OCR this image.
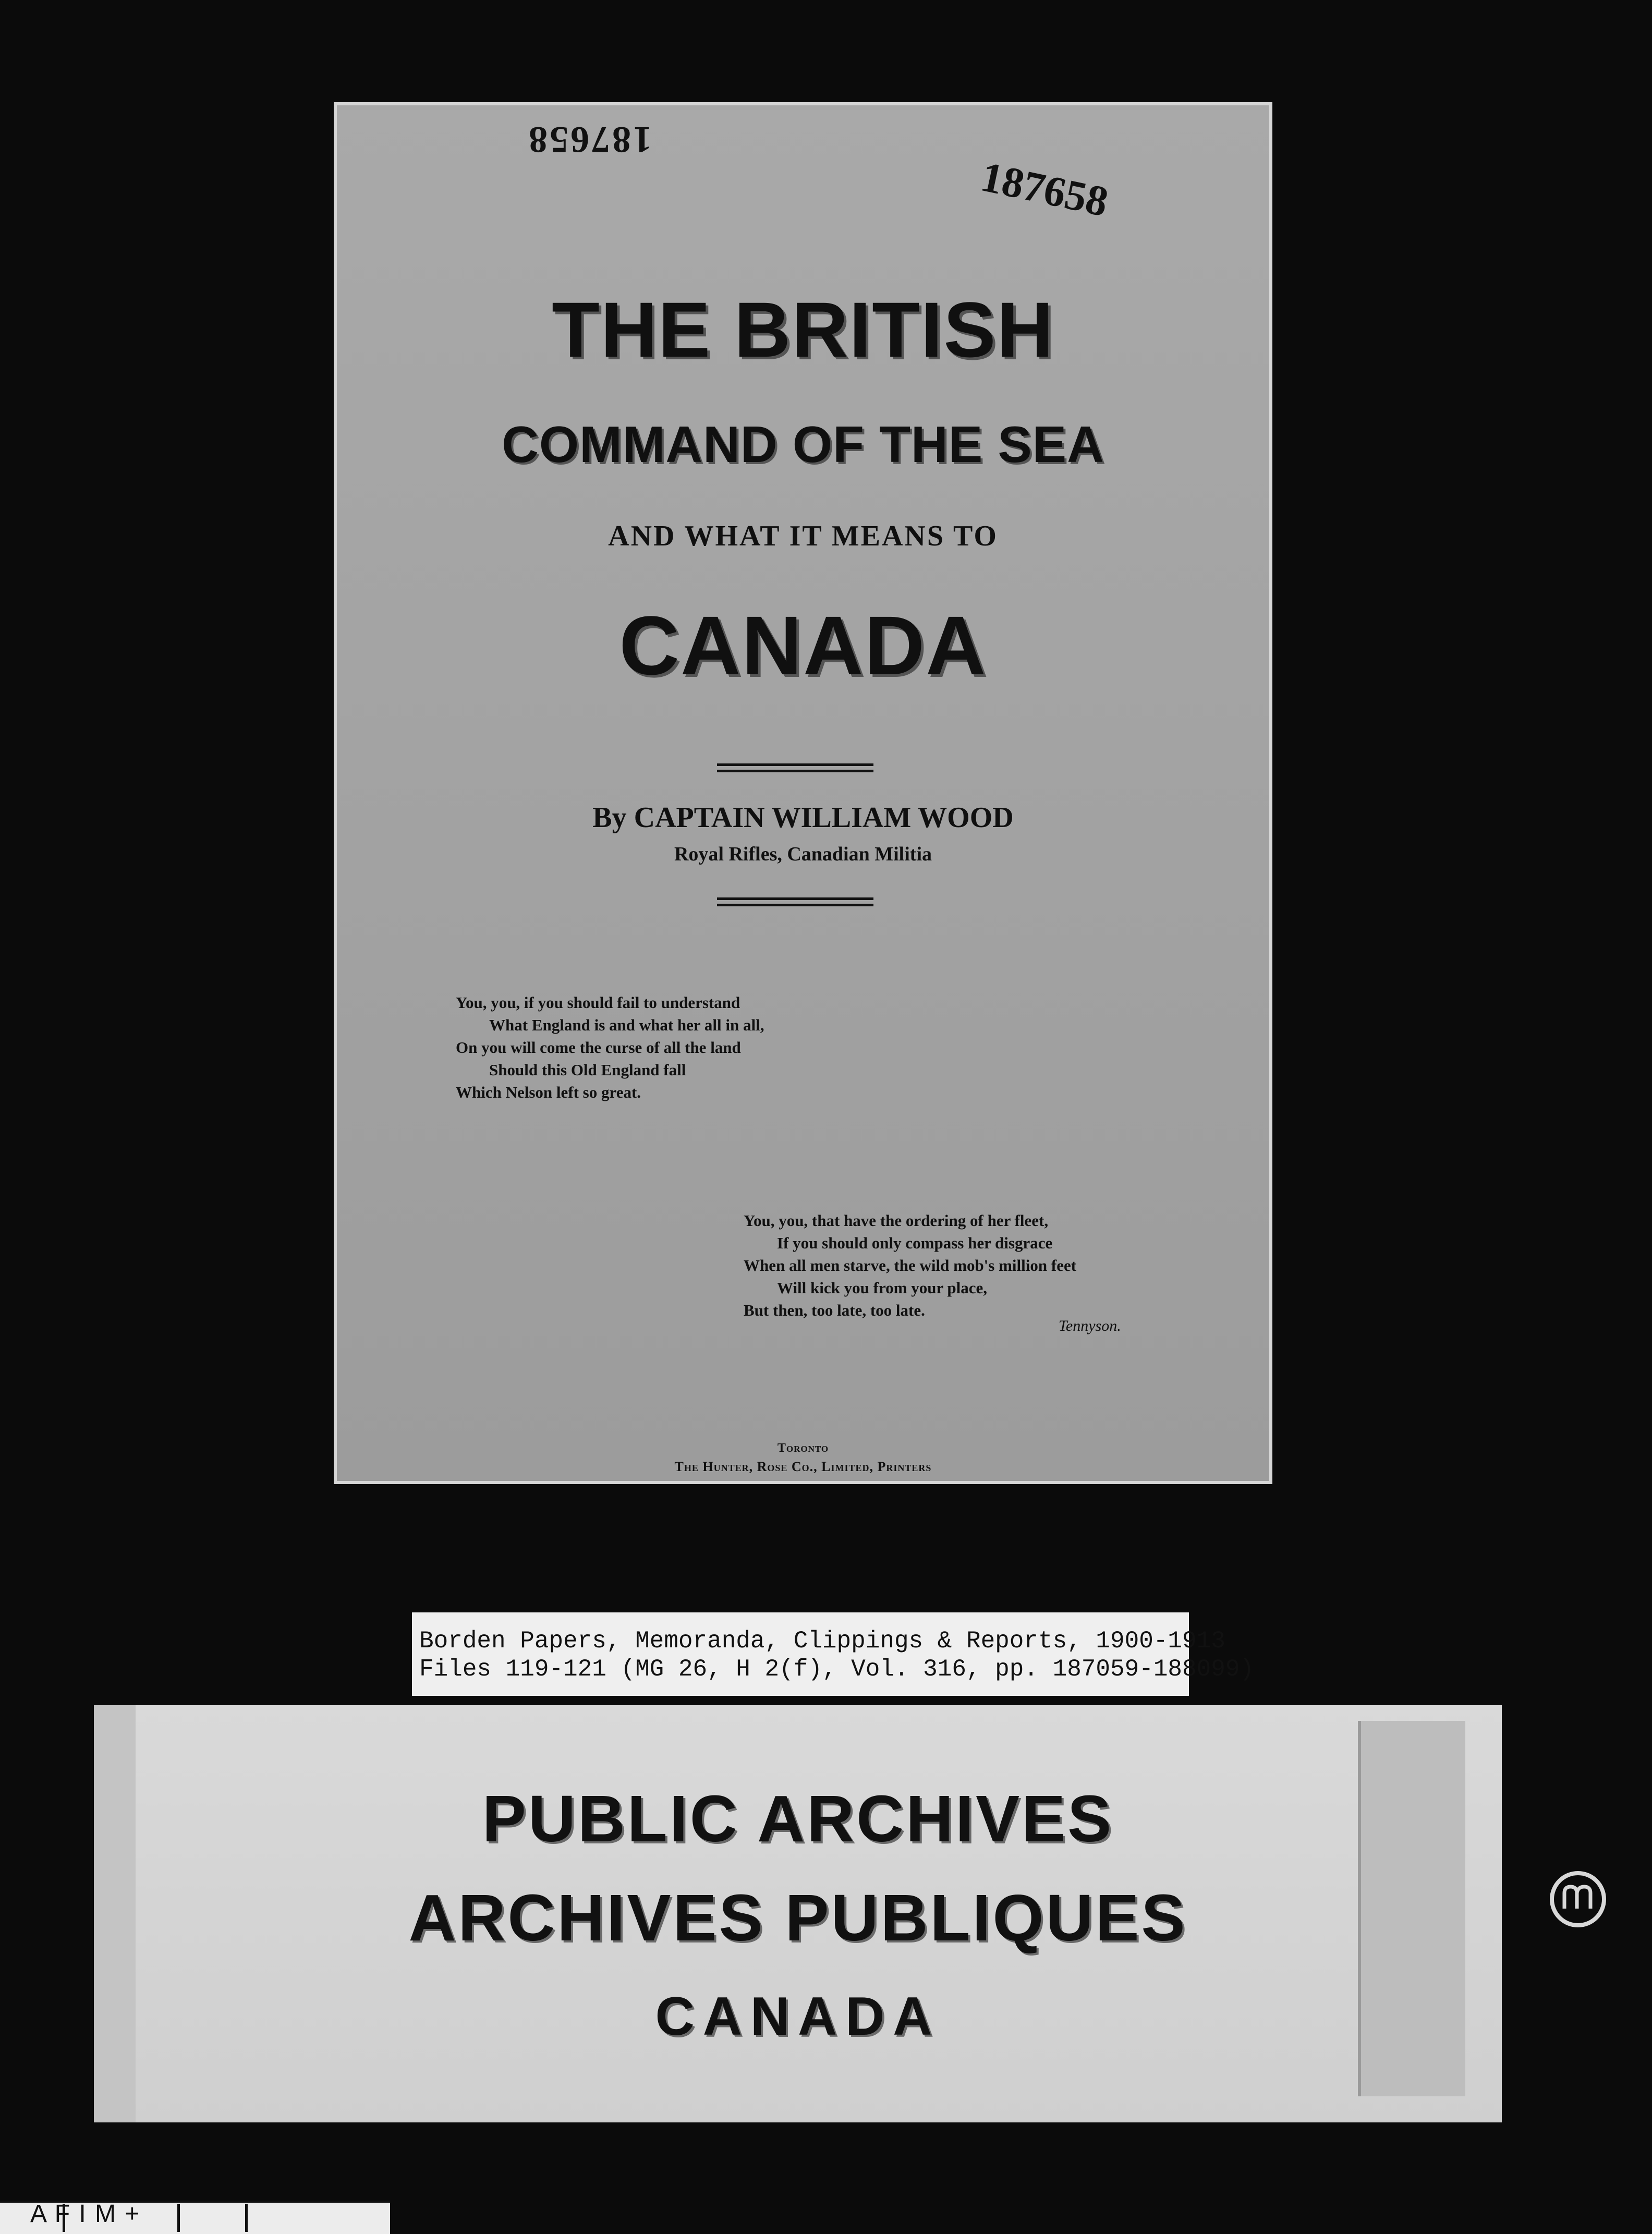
187658
187658
THE BRITISH
COMMAND OF THE SEA
AND WHAT IT MEANS TO
CANADA
By CAPTAIN WILLIAM WOOD
Royal Rifles, Canadian Militia
You, you, if you should fail to understand
What England is and what her all in all,
On you will come the curse of all the land
Should this Old England fall
Which Nelson left so great.
You, you, that have the ordering of her fleet,
If you should only compass her disgrace
When all men starve, the wild mob's million feet
Will kick you from your place,
But then, too late, too late.
Tennyson.
Toronto
The Hunter, Rose Co., Limited, Printers
Borden Papers, Memoranda, Clippings & Reports, 1900-1913
Files 119-121 (MG 26, H 2(f), Vol. 316, pp. 187059-188099)
PUBLIC ARCHIVES
ARCHIVES PUBLIQUES
CANADA
A F I M +
